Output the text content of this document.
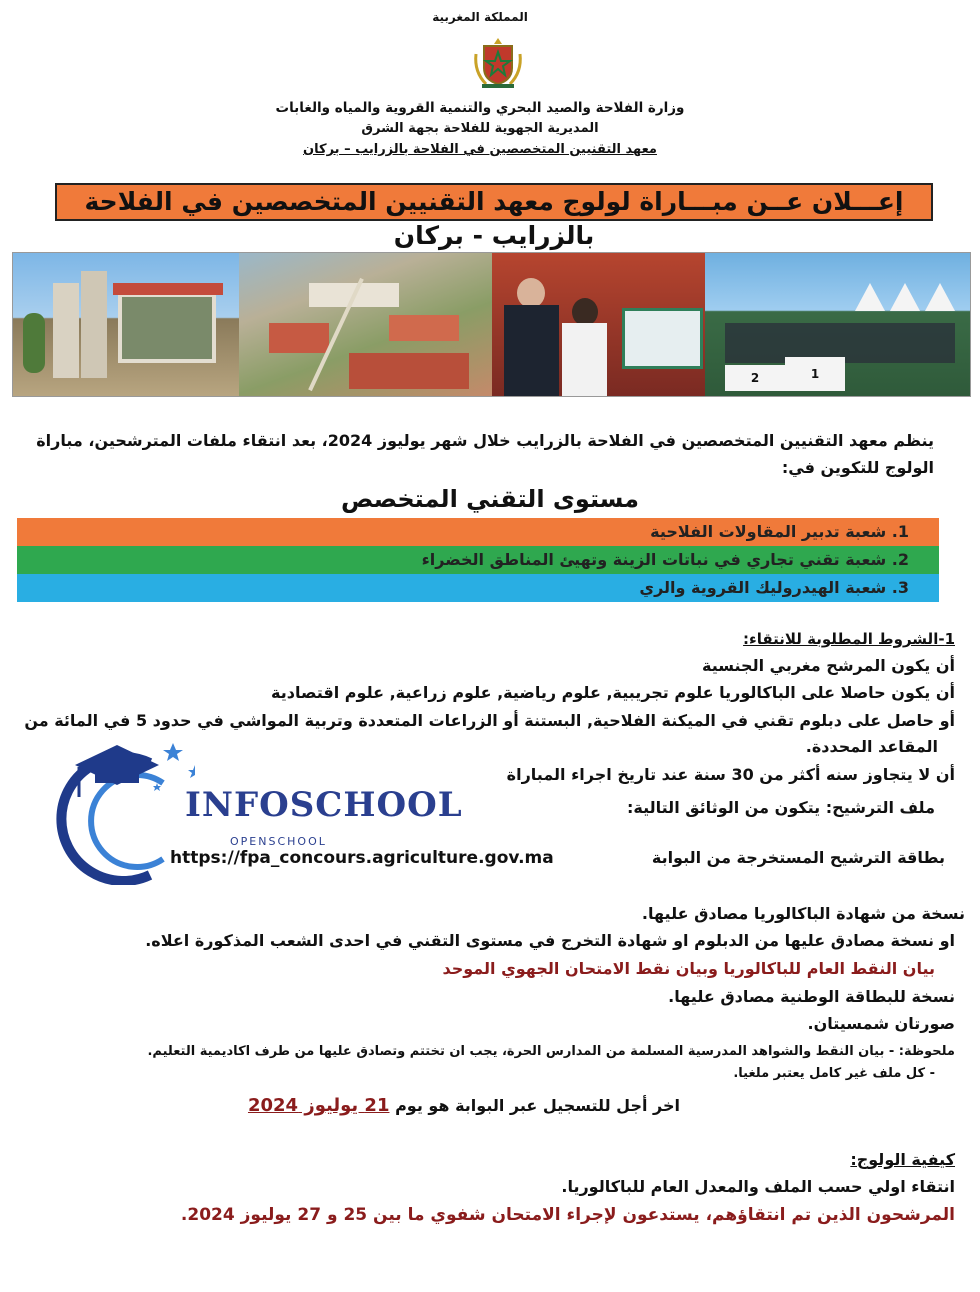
المملكة المغربية
وزارة الفلاحة والصيد البحري والتنمية القروية والمياه والغابات
المديرية الجهوية للفلاحة بجهة الشرق
معهد التقنيين المتخصصين في الفلاحة بالزرايب – بركان
إعـــلان عــن مبـــاراة لولوج معهد التقنيين المتخصصين في الفلاحة بالزرايب - بركان
2	1
ينظم معهد التقنيين المتخصصين في الفلاحة بالزرايب خلال شهر يوليوز 2024، بعد انتقاء ملفات المترشحين، مباراة الولوج للتكوين في:
مستوى التقني المتخصص
1. شعبة تدبير المقاولات الفلاحية
2. شعبة تقني تجاري في نباتات الزينة وتهيئ المناطق الخضراء
3. شعبة الهيدروليك القروية والري
1-الشروط المطلوبة للانتقاء:
أن يكون المرشح مغربي الجنسية
أن يكون حاصلا على الباكالوريا علوم تجريبية, علوم رياضية, علوم زراعية, علوم اقتصادية
أو حاصل على دبلوم تقني في الميكنة الفلاحية, البستنة أو الزراعات المتعددة وتربية المواشي في حدود 5 في المائة من
المقاعد المحددة.
أن لا يتجاوز سنه أكثر من 30 سنة عند تاريخ اجراء المباراة
ملف الترشيح: يتكون من الوثائق التالية:
بطاقة الترشيح المستخرجة من البوابة
https://fpa_concours.agriculture.gov.ma
نسخة من شهادة الباكالوريا مصادق عليها.
او نسخة مصادق عليها من الدبلوم او شهادة التخرج في مستوى التقني في احدى الشعب المذكورة اعلاه.
بيان النقط العام للباكالوريا وبيان نقط الامتحان الجهوي الموحد
نسخة للبطاقة الوطنية مصادق عليها.
صورتان شمسيتان.
ملحوظة: - بيان النقط والشواهد المدرسية المسلمة من المدارس الحرة، يجب ان تختتم وتصادق عليها من طرف اكاديمية التعليم.
- كل ملف غير كامل يعتبر ملغيا.
اخر أجل للتسجيل عبر البوابة هو يوم 21 يوليوز 2024
كيفية الولوج:
انتقاء اولي حسب الملف والمعدل العام للباكالوريا.
المرشحون الذين تم انتقاؤهم، يستدعون لإجراء الامتحان شفوي ما بين 25 و 27 يوليوز 2024.
INFOSCHOOL
OPENSCHOOL
